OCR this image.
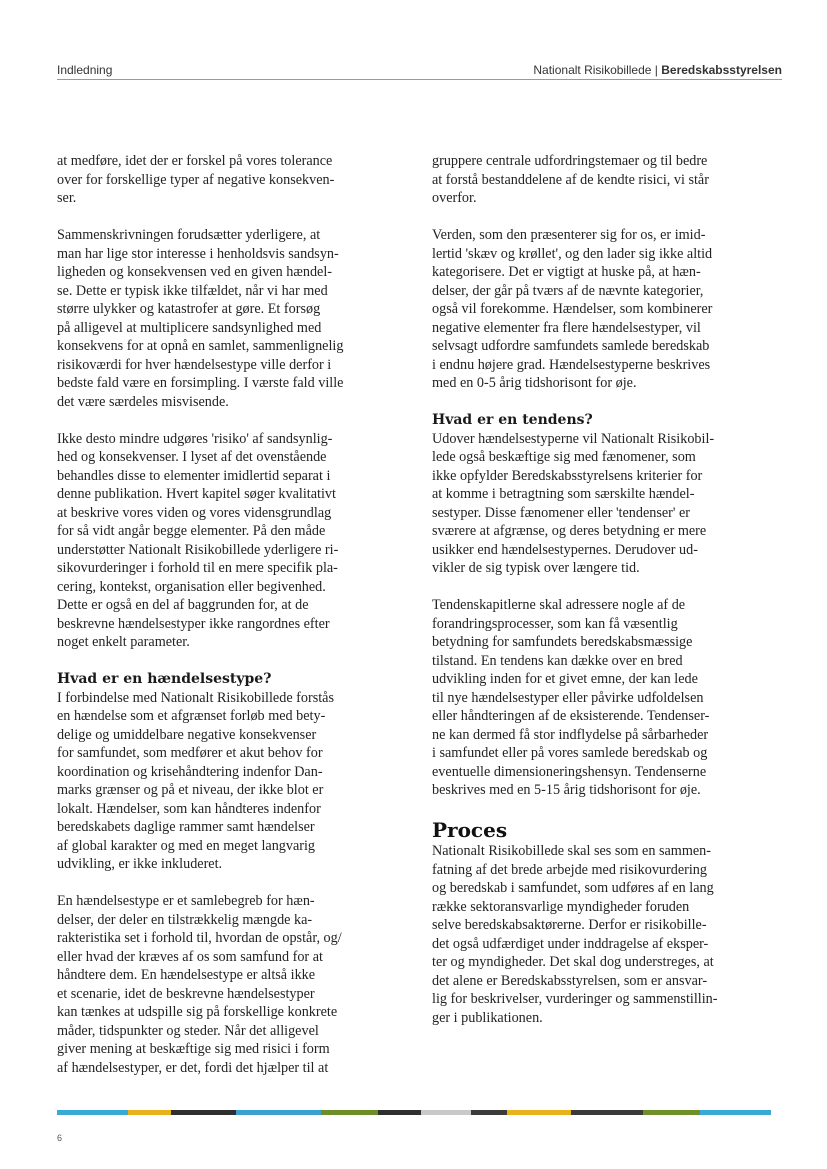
Indledning	Nationalt Risikobillede | Beredskabsstyrelsen

at medføre, idet der er forskel på vores tolerance
over for forskellige typer af negative konsekven-
ser.

Sammenskrivningen forudsætter yderligere, at
man har lige stor interesse i henholdsvis sandsyn-
ligheden og konsekvensen ved en given hændel-
se. Dette er typisk ikke tilfældet, når vi har med
større ulykker og katastrofer at gøre. Et forsøg
på alligevel at multiplicere sandsynlighed med
konsekvens for at opnå en samlet, sammenlignelig
risikoværdi for hver hændelsestype ville derfor i
bedste fald være en forsimpling. I værste fald ville
det være særdeles misvisende.

Ikke desto mindre udgøres 'risiko' af sandsynlig-
hed og konsekvenser. I lyset af det ovenstående
behandles disse to elementer imidlertid separat i
denne publikation. Hvert kapitel søger kvalitativt
at beskrive vores viden og vores vidensgrundlag
for så vidt angår begge elementer. På den måde
understøtter Nationalt Risikobillede yderligere ri-
sikovurderinger i forhold til en mere specifik pla-
cering, kontekst, organisation eller begivenhed.
Dette er også en del af baggrunden for, at de
beskrevne hændelsestyper ikke rangordnes efter
noget enkelt parameter.

Hvad er en hændelsestype?

I forbindelse med Nationalt Risikobillede forstås
en hændelse som et afgrænset forløb med bety-
delige og umiddelbare negative konsekvenser
for samfundet, som medfører et akut behov for
koordination og krisehåndtering indenfor Dan-
marks grænser og på et niveau, der ikke blot er
lokalt. Hændelser, som kan håndteres indenfor
beredskabets daglige rammer samt hændelser
af global karakter og med en meget langvarig
udvikling, er ikke inkluderet.

En hændelsestype er et samlebegreb for hæn-
delser, der deler en tilstrækkelig mængde ka-
rakteristika set i forhold til, hvordan de opstår, og/
eller hvad der kræves af os som samfund for at
håndtere dem. En hændelsestype er altså ikke
et scenarie, idet de beskrevne hændelsestyper
kan tænkes at udspille sig på forskellige konkrete
måder, tidspunkter og steder. Når det alligevel
giver mening at beskæftige sig med risici i form
af hændelsestyper, er det, fordi det hjælper til at

gruppere centrale udfordringstemaer og til bedre
at forstå bestanddelene af de kendte risici, vi står
overfor.

Verden, som den præsenterer sig for os, er imid-
lertid 'skæv og krøllet', og den lader sig ikke altid
kategorisere. Det er vigtigt at huske på, at hæn-
delser, der går på tværs af de nævnte kategorier,
også vil forekomme. Hændelser, som kombinerer
negative elementer fra flere hændelsestyper, vil
selvsagt udfordre samfundets samlede beredskab
i endnu højere grad. Hændelsestyperne beskrives
med en 0-5 årig tidshorisont for øje.

Hvad er en tendens?

Udover hændelsestyperne vil Nationalt Risikobil-
lede også beskæftige sig med fænomener, som
ikke opfylder Beredskabsstyrelsens kriterier for
at komme i betragtning som særskilte hændel-
sestyper. Disse fænomener eller 'tendenser' er
sværere at afgrænse, og deres betydning er mere
usikker end hændelsestypernes. Derudover ud-
vikler de sig typisk over længere tid.

Tendenskapitlerne skal adressere nogle af de
forandringsprocesser, som kan få væsentlig
betydning for samfundets beredskabsmæssige
tilstand. En tendens kan dække over en bred
udvikling inden for et givet emne, der kan lede
til nye hændelsestyper eller påvirke udfoldelsen
eller håndteringen af de eksisterende. Tendenser-
ne kan dermed få stor indflydelse på sårbarheder
i samfundet eller på vores samlede beredskab og
eventuelle dimensioneringshensyn. Tendenserne
beskrives med en 5-15 årig tidshorisont for øje.

Proces

Nationalt Risikobillede skal ses som en sammen-
fatning af det brede arbejde med risikovurdering
og beredskab i samfundet, som udføres af en lang
række sektoransvarlige myndigheder foruden
selve beredskabsaktørerne. Derfor er risikobille-
det også udfærdiget under inddragelse af eksper-
ter og myndigheder. Det skal dog understreges, at
det alene er Beredskabsstyrelsen, som er ansvar-
lig for beskrivelser, vurderinger og sammenstillin-
ger i publikationen.

6
